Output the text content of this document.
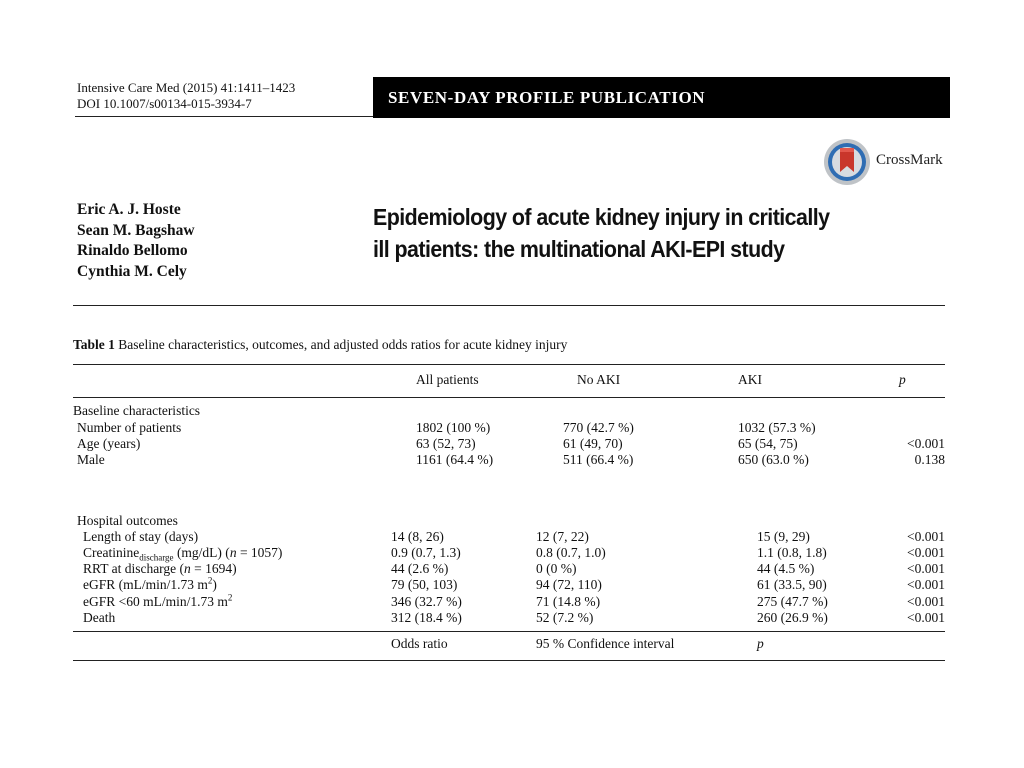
Intensive Care Med (2015) 41:1411–1423
DOI 10.1007/s00134-015-3934-7	SEVEN-DAY PROFILE PUBLICATION
CrossMark
Eric A. J. Hoste
Sean M. Bagshaw
Rinaldo Bellomo
Cynthia M. Cely
Epidemiology of acute kidney injury in critically
ill patients: the multinational AKI-EPI study
Table 1 Baseline characteristics, outcomes, and adjusted odds ratios for acute kidney injury
All patients	No AKI	AKI	p
Baseline characteristics
Number of patients	1802 (100 %)	770 (42.7 %)	1032 (57.3 %)
Age (years)	63 (52, 73)	61 (49, 70)	65 (54, 75)	<0.001
Male	1161 (64.4 %)	511 (66.4 %)	650 (63.0 %)	0.138
Hospital outcomes
Length of stay (days)	14 (8, 26)	12 (7, 22)	15 (9, 29)	<0.001
Creatinine$_{discharge}$ (mg/dL) (n = 1057)	0.9 (0.7, 1.3)	0.8 (0.7, 1.0)	1.1 (0.8, 1.8)	<0.001
RRT at discharge (n = 1694)	44 (2.6 %)	0 (0 %)	44 (4.5 %)	<0.001
eGFR (mL/min/1.73 $m^2$)	79 (50, 103)	94 (72, 110)	61 (33.5, 90)	<0.001
eGFR <60 mL/min/1.73 $m^2$	346 (32.7 %)	71 (14.8 %)	275 (47.7 %)	<0.001
Death	312 (18.4 %)	52 (7.2 %)	260 (26.9 %)	<0.001
Odds ratio	95 % Confidence interval	p
